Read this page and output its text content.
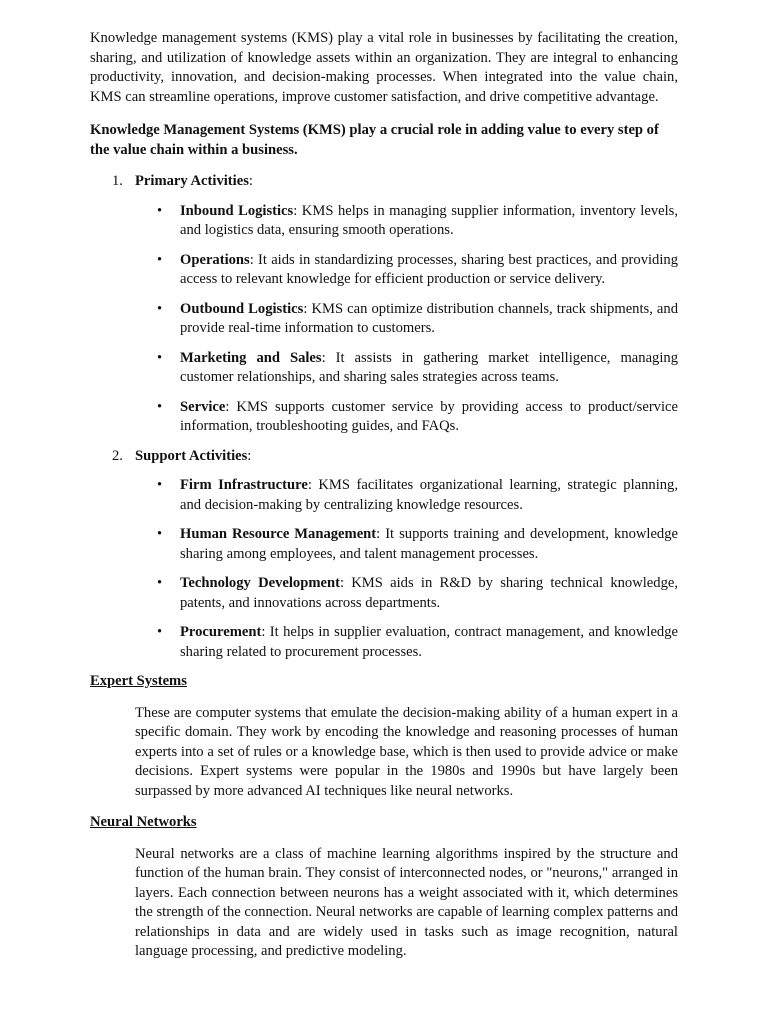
Knowledge management systems (KMS) play a vital role in businesses by facilitating the creation, sharing, and utilization of knowledge assets within an organization. They are integral to enhancing productivity, innovation, and decision-making processes. When integrated into the value chain, KMS can streamline operations, improve customer satisfaction, and drive competitive advantage.

Knowledge Management Systems (KMS) play a crucial role in adding value to every step of the value chain within a business.

1. Primary Activities:
• Inbound Logistics: KMS helps in managing supplier information, inventory levels, and logistics data, ensuring smooth operations.
• Operations: It aids in standardizing processes, sharing best practices, and providing access to relevant knowledge for efficient production or service delivery.
• Outbound Logistics: KMS can optimize distribution channels, track shipments, and provide real-time information to customers.
• Marketing and Sales: It assists in gathering market intelligence, managing customer relationships, and sharing sales strategies across teams.
• Service: KMS supports customer service by providing access to product/service information, troubleshooting guides, and FAQs.
2. Support Activities:
• Firm Infrastructure: KMS facilitates organizational learning, strategic planning, and decision-making by centralizing knowledge resources.
• Human Resource Management: It supports training and development, knowledge sharing among employees, and talent management processes.
• Technology Development: KMS aids in R&D by sharing technical knowledge, patents, and innovations across departments.
• Procurement: It helps in supplier evaluation, contract management, and knowledge sharing related to procurement processes.
Expert Systems

These are computer systems that emulate the decision-making ability of a human expert in a specific domain. They work by encoding the knowledge and reasoning processes of human experts into a set of rules or a knowledge base, which is then used to provide advice or make decisions. Expert systems were popular in the 1980s and 1990s but have largely been surpassed by more advanced AI techniques like neural networks.

Neural Networks

Neural networks are a class of machine learning algorithms inspired by the structure and function of the human brain. They consist of interconnected nodes, or "neurons," arranged in layers. Each connection between neurons has a weight associated with it, which determines the strength of the connection. Neural networks are capable of learning complex patterns and relationships in data and are widely used in tasks such as image recognition, natural language processing, and predictive modeling.
